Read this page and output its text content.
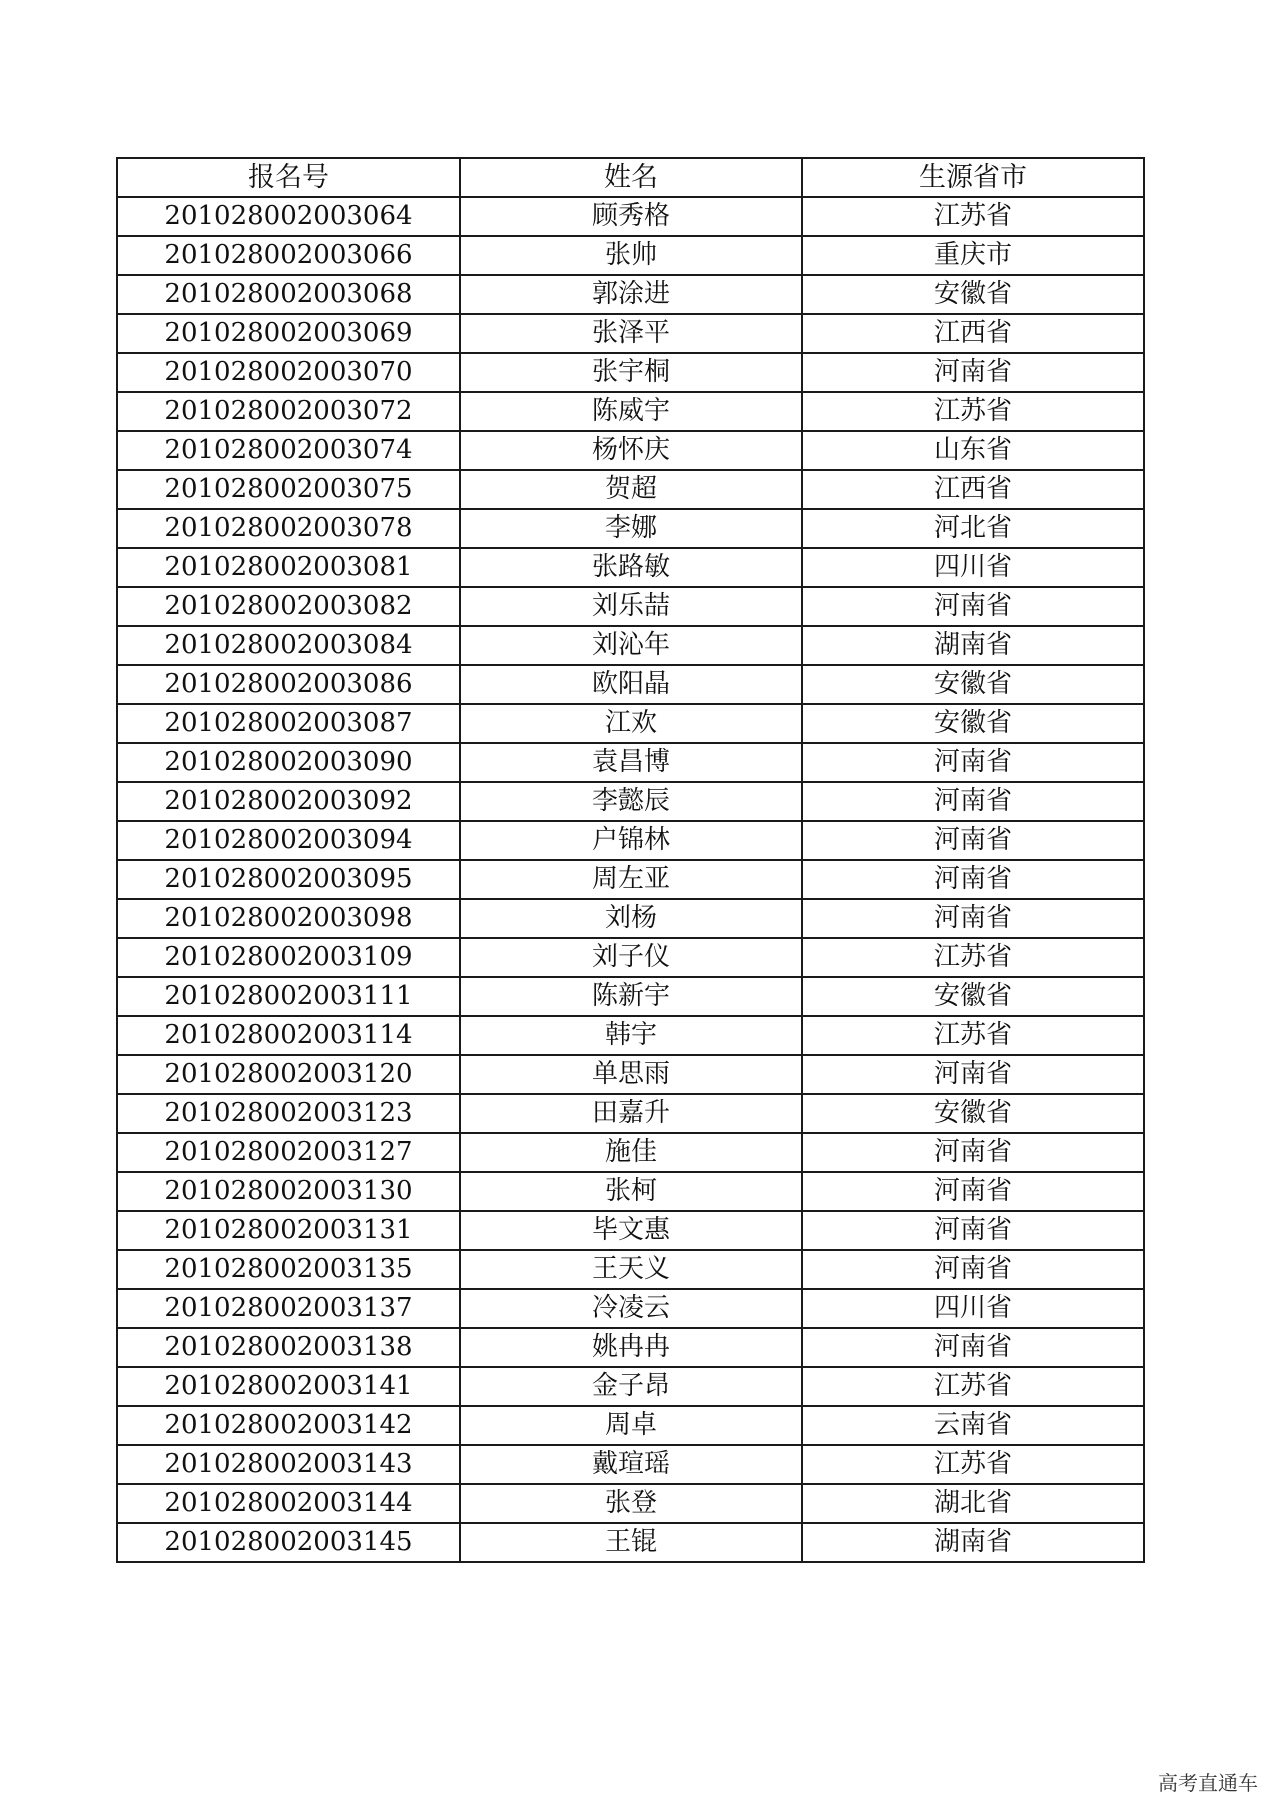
报名号	姓名	生源省市
201028002003064	顾秀格	江苏省
201028002003066	张帅	重庆市
201028002003068	郭涂进	安徽省
201028002003069	张泽平	江西省
201028002003070	张宇桐	河南省
201028002003072	陈威宇	江苏省
201028002003074	杨怀庆	山东省
201028002003075	贺超	江西省
201028002003078	李娜	河北省
201028002003081	张路敏	四川省
201028002003082	刘乐喆	河南省
201028002003084	刘沁年	湖南省
201028002003086	欧阳晶	安徽省
201028002003087	江欢	安徽省
201028002003090	袁昌博	河南省
201028002003092	李懿辰	河南省
201028002003094	户锦林	河南省
201028002003095	周左亚	河南省
201028002003098	刘杨	河南省
201028002003109	刘子仪	江苏省
201028002003111	陈新宇	安徽省
201028002003114	韩宇	江苏省
201028002003120	单思雨	河南省
201028002003123	田嘉升	安徽省
201028002003127	施佳	河南省
201028002003130	张柯	河南省
201028002003131	毕文惠	河南省
201028002003135	王天义	河南省
201028002003137	冷凌云	四川省
201028002003138	姚冉冉	河南省
201028002003141	金子昂	江苏省
201028002003142	周卓	云南省
201028002003143	戴瑄瑶	江苏省
201028002003144	张登	湖北省
201028002003145	王锟	湖南省
高考直通车
